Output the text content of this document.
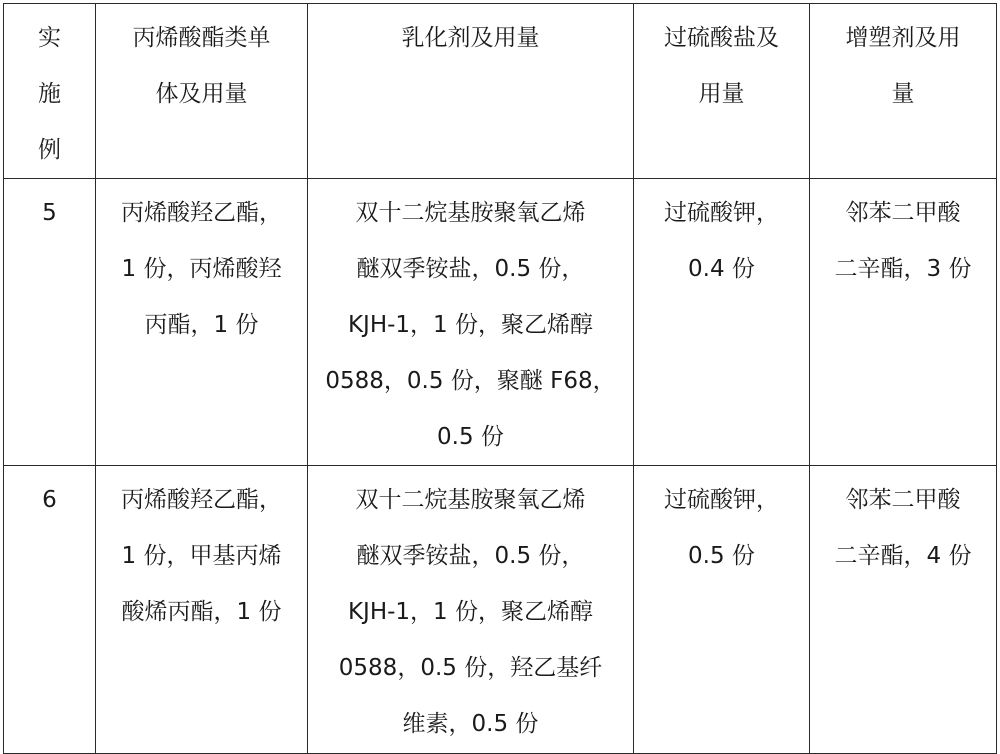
实
施
例	丙烯酸酯类单
体及用量	乳化剂及用量	过硫酸盐及
用量	增塑剂及用
量

5	丙烯酸羟乙酯，
1 份，丙烯酸羟
丙酯，1 份	双十二烷基胺聚氧乙烯
醚双季铵盐，0.5 份，
KJH-1，1 份，聚乙烯醇
0588，0.5 份，聚醚 F68，
0.5 份	过硫酸钾，
0.4 份	邻苯二甲酸
二辛酯，3 份

6	丙烯酸羟乙酯，
1 份，甲基丙烯
酸烯丙酯，1 份	双十二烷基胺聚氧乙烯
醚双季铵盐，0.5 份，
KJH-1，1 份，聚乙烯醇
0588，0.5 份，羟乙基纤
维素，0.5 份	过硫酸钾，
0.5 份	邻苯二甲酸
二辛酯，4 份
